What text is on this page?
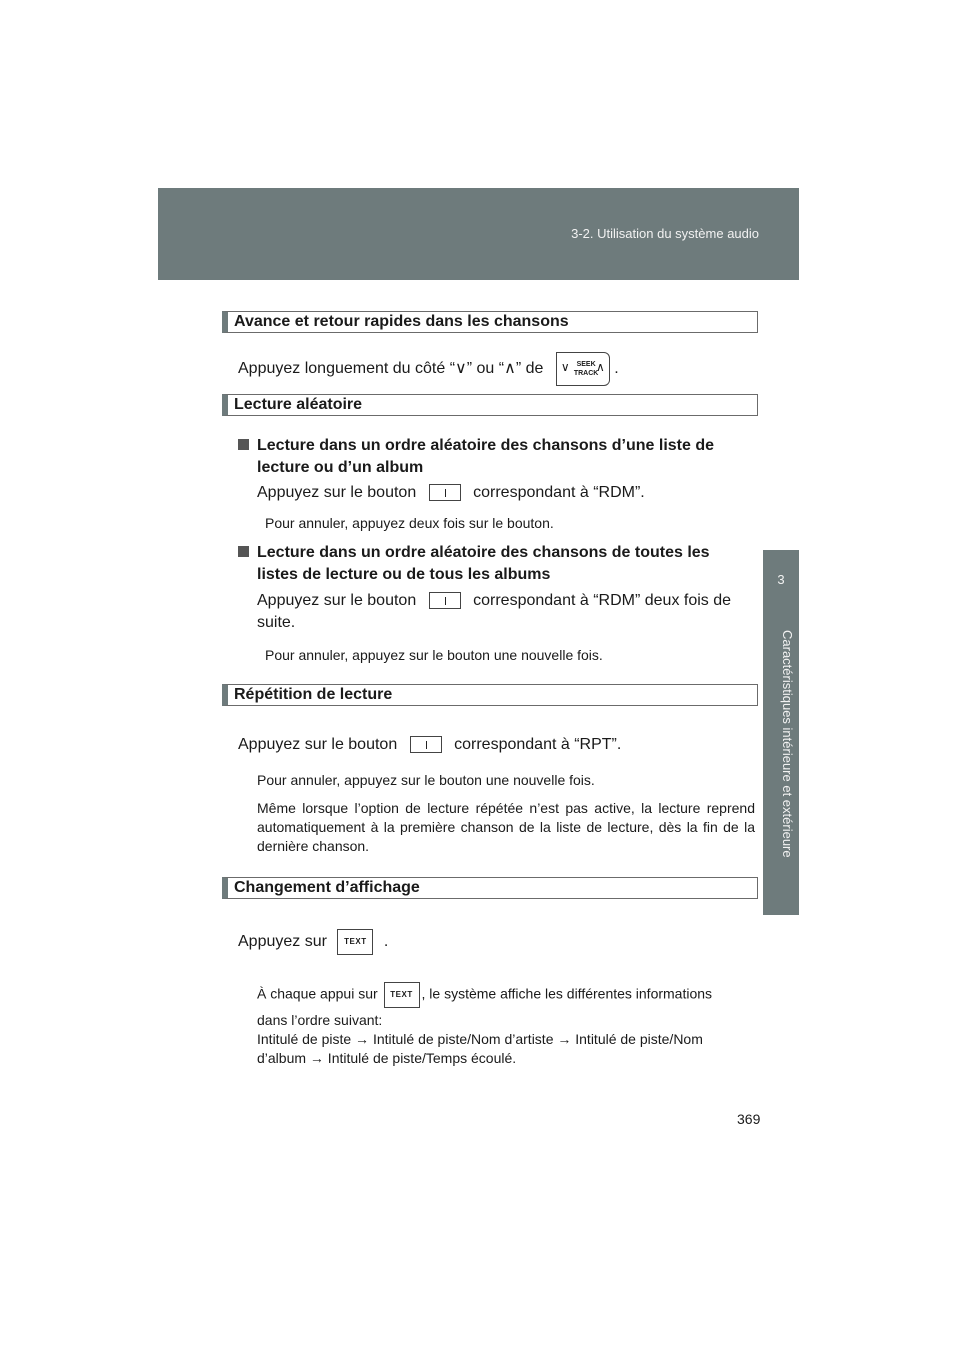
3-2. Utilisation du système audio
3
Caractéristiques intérieure et extérieure
Avance et retour rapides dans les chansons
Appuyez longuement du côté “∨” ou “∧” de ∨ SEEK
TRACK
∧ .
Lecture aléatoire
Lecture dans un ordre aléatoire des chansons d’une liste de
lecture ou d’un album
Appuyez sur le bouton	correspondant à “RDM”.
Pour annuler, appuyez deux fois sur le bouton.
Lecture dans un ordre aléatoire des chansons de toutes les
listes de lecture ou de tous les albums
Appuyez sur le bouton	correspondant à “RDM” deux fois de
suite.
Pour annuler, appuyez sur le bouton une nouvelle fois.
Répétition de lecture
Appuyez sur le bouton	correspondant à “RPT”.
Pour annuler, appuyez sur le bouton une nouvelle fois.
Même lorsque l’option de lecture répétée n’est pas active, la lecture reprend automatiquement à la première chanson de la liste de lecture, dès la fin de la dernière chanson.
Changement d’affichage
Appuyez sur TEXT .
À chaque appui sur TEXT , le système affiche les différentes informations
dans l’ordre suivant:
Intitulé de piste → Intitulé de piste/Nom d’artiste → Intitulé de piste/Nom
d’album → Intitulé de piste/Temps écoulé.
369
